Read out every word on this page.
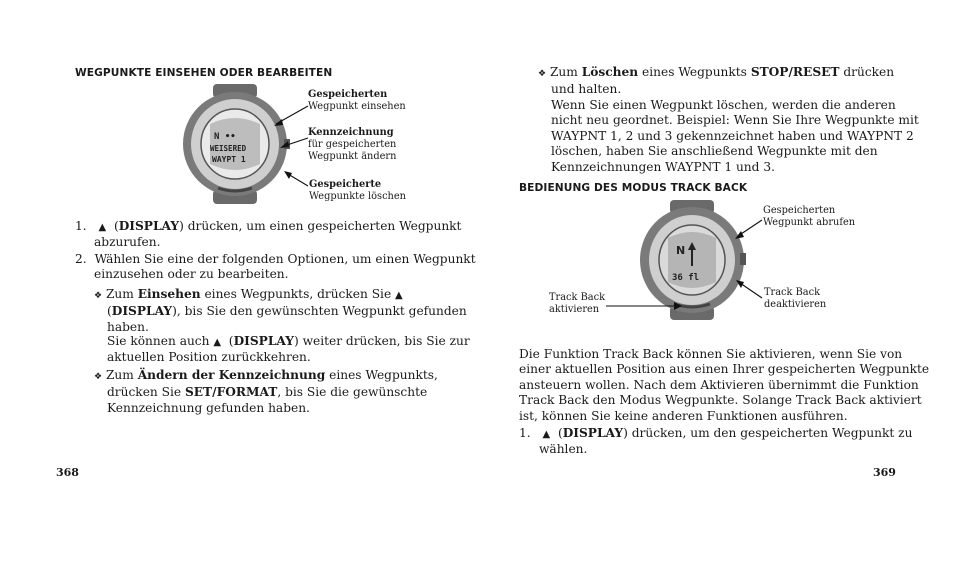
WEGPUNKTE EINSEHEN ODER BEARBEITEN
N ••
WEISERED
WAYPT 1
Gespeicherten
Wegpunkt einsehen
Kennzeichnung
für gespeicherten
Wegpunkt ändern
Gespeicherte
Wegpunkte löschen
1. ▲ (DISPLAY) drücken, um einen gespeicherten Wegpunkt
abzurufen.
2. Wählen Sie eine der folgenden Optionen, um einen Wegpunkt
einzusehen oder zu bearbeiten.
❖ Zum Einsehen eines Wegpunkts, drücken Sie ▲
(DISPLAY), bis Sie den gewünschten Wegpunkt gefunden
haben.
Sie können auch ▲  (DISPLAY) weiter drücken, bis Sie zur
aktuellen Position zurückkehren.
❖ Zum Ändern der Kennzeichnung eines Wegpunkts,
drücken Sie SET/FORMAT, bis Sie die gewünschte
Kennzeichnung gefunden haben.
368
❖ Zum Löschen eines Wegpunkts STOP/RESET drücken
und halten.
Wenn Sie einen Wegpunkt löschen, werden die anderen
nicht neu geordnet. Beispiel: Wenn Sie Ihre Wegpunkte mit
WAYPNT 1, 2 und 3 gekennzeichnet haben und WAYPNT 2
löschen, haben Sie anschließend Wegpunkte mit den
Kennzeichnungen WAYPNT 1 und 3.
BEDIENUNG DES MODUS TRACK BACK
N
36 fl
Gespeicherten
Wegpunkt abrufen
Track Back
aktivieren
Track Back
deaktivieren
Die Funktion Track Back können Sie aktivieren, wenn Sie von
einer aktuellen Position aus einen Ihrer gespeicherten Wegpunkte
ansteuern wollen. Nach dem Aktivieren übernimmt die Funktion
Track Back den Modus Wegpunkte. Solange Track Back aktiviert
ist, können Sie keine anderen Funktionen ausführen.
1. ▲ (DISPLAY) drücken, um den gespeicherten Wegpunkt zu
wählen.
369
